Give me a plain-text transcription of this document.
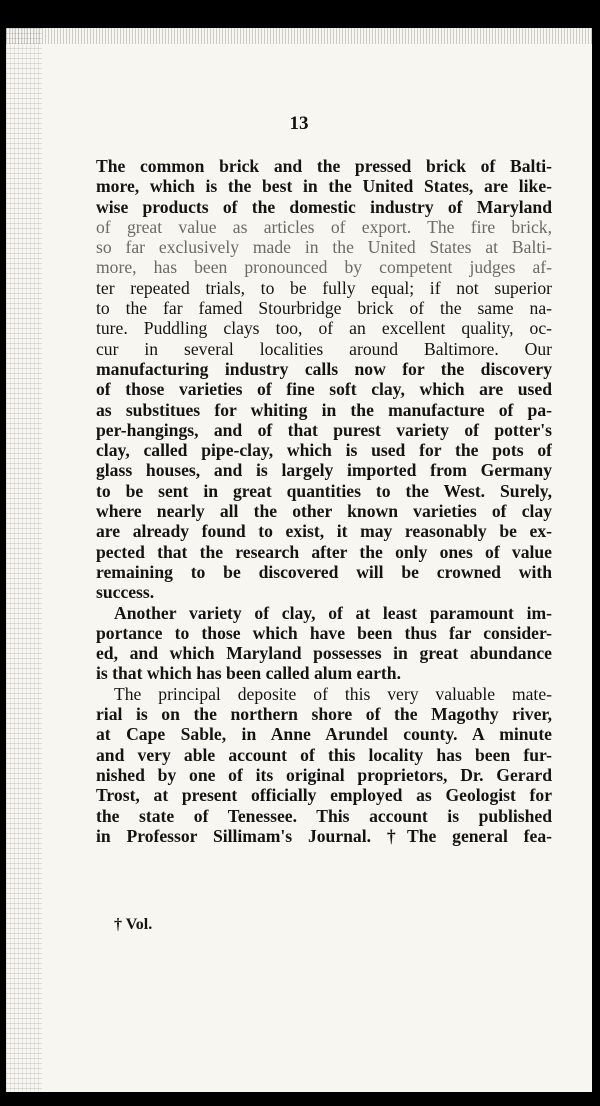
13
The common brick and the pressed brick of Balti-
more, which is the best in the United States, are like-
wise products of the domestic industry of Maryland
of great value as articles of export. The fire brick,
so far exclusively made in the United States at Balti-
more, has been pronounced by competent judges af-
ter repeated trials, to be fully equal; if not superior
to the far famed Stourbridge brick of the same na-
ture. Puddling clays too, of an excellent quality, oc-
cur in several localities around Baltimore. Our
manufacturing industry calls now for the discovery
of those varieties of fine soft clay, which are used
as substitues for whiting in the manufacture of pa-
per-hangings, and of that purest variety of potter's
clay, called pipe-clay, which is used for the pots of
glass houses, and is largely imported from Germany
to be sent in great quantities to the West. Surely,
where nearly all the other known varieties of clay
are already found to exist, it may reasonably be ex-
pected that the research after the only ones of value
remaining to be discovered will be crowned with
success.
Another variety of clay, of at least paramount im-
portance to those which have been thus far consider-
ed, and which Maryland possesses in great abundance
is that which has been called alum earth.
The principal deposite of this very valuable mate-
rial is on the northern shore of the Magothy river,
at Cape Sable, in Anne Arundel county. A minute
and very able account of this locality has been fur-
nished by one of its original proprietors, Dr. Gerard
Trost, at present officially employed as Geologist for
the state of Tenessee. This account is published
in Professor Sillimam's Journal. †The general fea-
† Vol.
